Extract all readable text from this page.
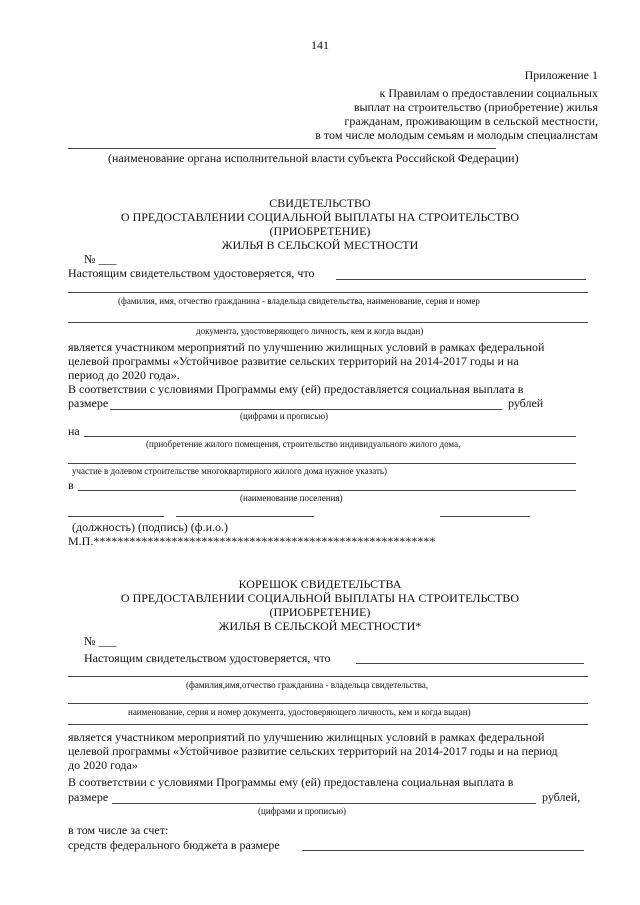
141
Приложение 1
к Правилам о предоставлении социальных
выплат на строительство (приобретение) жилья
гражданам, проживающим в сельской местности,
в том числе молодым семьям и молодым специалистам
(наименование органа исполнительной власти субъекта Российской Федерации)
СВИДЕТЕЛЬСТВО
О ПРЕДОСТАВЛЕНИИ СОЦИАЛЬНОЙ ВЫПЛАТЫ НА СТРОИТЕЛЬСТВО
(ПРИОБРЕТЕНИЕ)
ЖИЛЬЯ В СЕЛЬСКОЙ МЕСТНОСТИ
№ ___
Настоящим свидетельством удостоверяется, что
(фамилия, имя, отчество гражданина - владельца свидетельства, наименование, серия и номер
документа, удостоверяющего личность, кем и когда выдан)
является участником мероприятий по улучшению жилищных условий в рамках федеральной
целевой программы «Устойчивое развитие сельских территорий на 2014-2017 годы и на
период до 2020 года».
В соответствии с условиями Программы ему (ей) предоставляется социальная выплата в
размере	рублей
(цифрами и прописью)
на
(приобретение жилого помещения, строительство индивидуального жилого дома,
участие в долевом строительстве многоквартирного жилого дома нужное указать)
в
(наименование поселения)
(должность) (подпись) (ф.и.о.)
М.П.*********************************************************
КОРЕШОК СВИДЕТЕЛЬСТВА
О ПРЕДОСТАВЛЕНИИ СОЦИАЛЬНОЙ ВЫПЛАТЫ НА СТРОИТЕЛЬСТВО
(ПРИОБРЕТЕНИЕ)
ЖИЛЬЯ В СЕЛЬСКОЙ МЕСТНОСТИ*
№ ___
Настоящим свидетельством удостоверяется, что
(фамилия,имя,отчество гражданина - владельца свидетельства,
наименование, серия и номер документа, удостоверяющего личность, кем и когда выдан)
является участником мероприятий по улучшению жилищных условий в рамках федеральной
целевой программы «Устойчивое развитие сельских территорий на 2014-2017 годы и на период
до 2020 года»
В соответствии с условиями Программы ему (ей) предоставлена социальная выплата в
размере	рублей,
(цифрами и прописью)
в том числе за счет:
средств федерального бюджета в размере
